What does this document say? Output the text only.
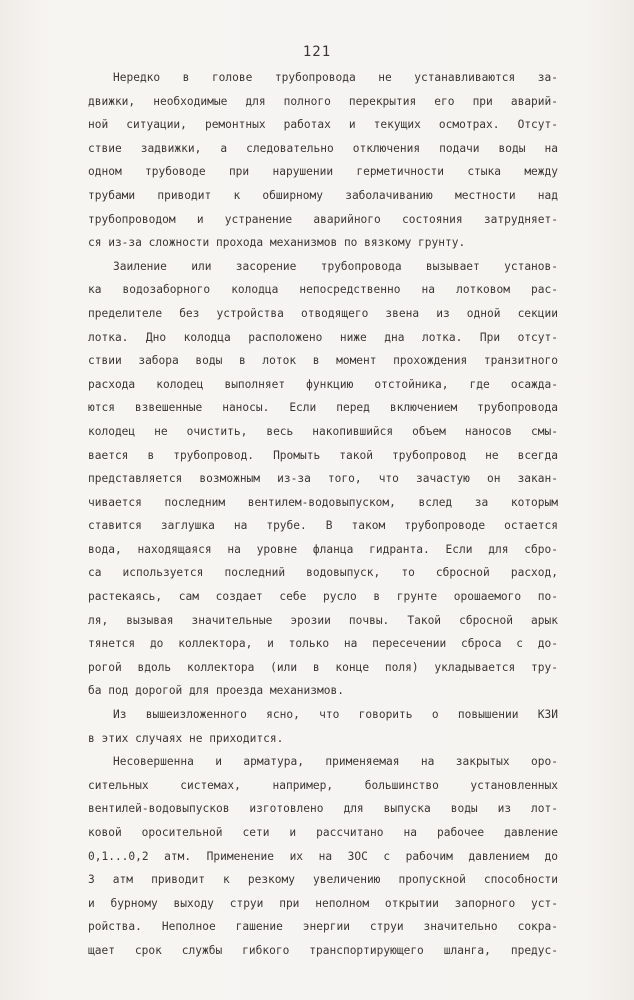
121
Нередко в голове трубопровода не устанавливаются за-
движки, необходимые для полного перекрытия его при аварий-
ной ситуации, ремонтных работах и текущих осмотрах. Отсут-
ствие задвижки, а следовательно отключения подачи воды на
одном трубоводе при нарушении герметичности стыка между
трубами приводит к обширному заболачиванию местности над
трубопроводом и устранение аварийного состояния затрудняет-
ся из-за сложности прохода механизмов по вязкому грунту.
Заиление или засорение трубопровода вызывает установ-
ка водозаборного колодца непосредственно на лотковом рас-
пределителе без устройства отводящего звена из одной секции
лотка. Дно колодца расположено ниже дна лотка. При отсут-
ствии забора воды в лоток в момент прохождения транзитного
расхода колодец выполняет функцию отстойника, где осажда-
ются взвешенные наносы. Если перед включением трубопровода
колодец не очистить, весь накопившийся объем наносов смы-
вается в трубопровод. Промыть такой трубопровод не всегда
представляется возможным из-за того, что зачастую он закан-
чивается последним вентилем-водовыпуском, вслед за которым
ставится заглушка на трубе. В таком трубопроводе остается
вода, находящаяся на уровне фланца гидранта. Если для сбро-
са используется последний водовыпуск, то сбросной расход,
растекаясь, сам создает себе русло в грунте орошаемого по-
ля, вызывая значительные эрозии почвы. Такой сбросной арык
тянется до коллектора, и только на пересечении сброса с до-
рогой вдоль коллектора (или в конце поля) укладывается тру-
ба под дорогой для проезда механизмов.
Из вышеизложенного ясно, что говорить о повышении КЗИ
в этих случаях не приходится.
Несовершенна и арматура, применяемая на закрытых оро-
сительных системах, например, большинство установленных
вентилей-водовыпусков изготовлено для выпуска воды из лот-
ковой оросительной сети и рассчитано на рабочее давление
0,1...0,2 атм. Применение их на ЗОС с рабочим давлением до
3 атм приводит к резкому увеличению пропускной способности
и бурному выходу струи при неполном открытии запорного уст-
ройства. Неполное гашение энергии струи значительно сокра-
щает срок службы гибкого транспортирующего шланга, предус-
